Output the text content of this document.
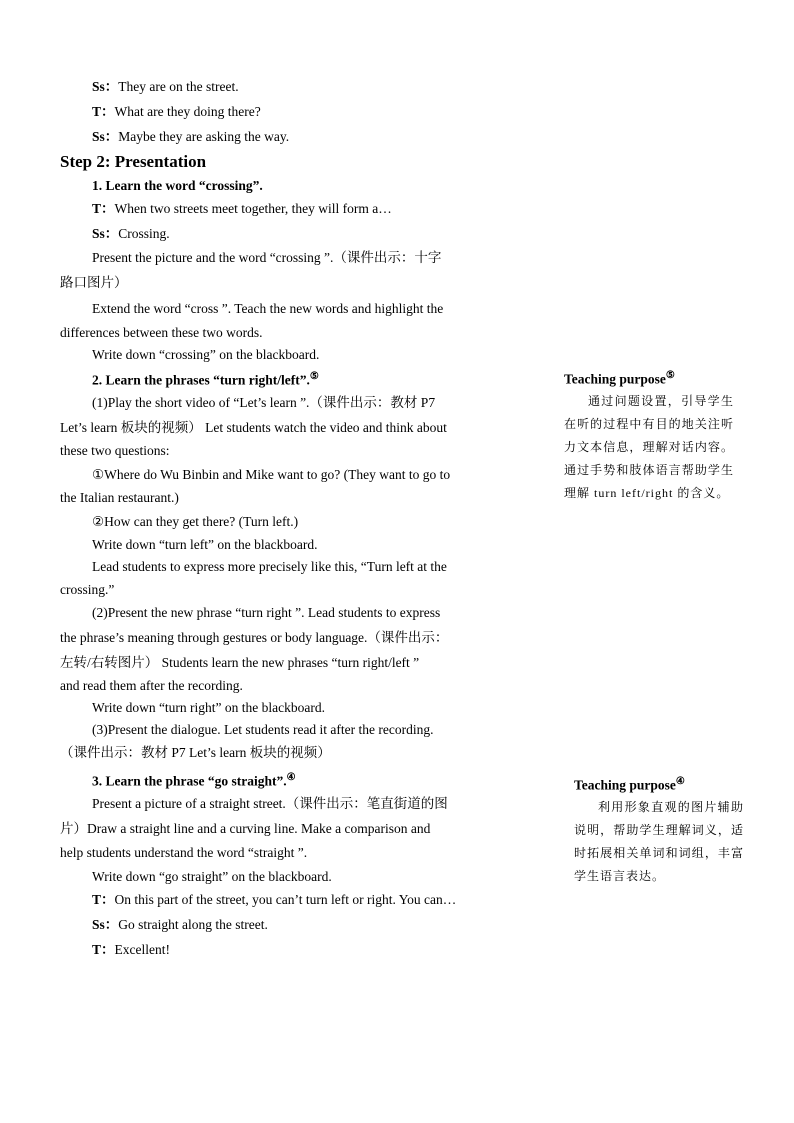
Ss：They are on the street.
T：What are they doing there?
Ss：Maybe they are asking the way.
Step 2: Presentation
1. Learn the word “crossing”.
T：When two streets meet together, they will form a…
Ss：Crossing.
Present the picture and the word “crossing ”.（课件出示：十字
路口图片）
Extend the word “cross ”. Teach the new words and highlight the
differences between these two words.
Write down “crossing” on the blackboard.
2. Learn the phrases “turn right/left”.⑤
(1)Play the short video of “Let’s learn ”.（课件出示：教材 P7
Let’s learn 板块的视频） Let students watch the video and think about
these two questions:
①Where do Wu Binbin and Mike want to go? (They want to go to
the Italian restaurant.)
②How can they get there? (Turn left.)
Write down “turn left” on the blackboard.
Lead students to express more precisely like this, “Turn left at the
crossing.”
(2)Present the new phrase “turn right ”. Lead students to express
the phrase’s meaning through gestures or body language.（课件出示：
左转/右转图片） Students learn the new phrases “turn right/left ”
and read them after the recording.
Write down “turn right” on the blackboard.
(3)Present the dialogue. Let students read it after the recording.
（课件出示：教材 P7 Let’s learn 板块的视频）
3. Learn the phrase “go straight”.④
Present a picture of a straight street.（课件出示：笔直街道的图
片）Draw a straight line and a curving line. Make a comparison and
help students understand the word “straight ”.
Write down “go straight” on the blackboard.
T：On this part of the street, you can’t turn left or right. You can…
Ss：Go straight along the street.
T：Excellent!
Teaching purpose⑤
通过问题设置，引导学生在听的过程中有目的地关注听力文本信息，理解对话内容。通过手势和肢体语言帮助学生理解 turn left/right 的含义。
Teaching purpose④
利用形象直观的图片辅助说明，帮助学生理解词义，适时拓展相关单词和词组，丰富学生语言表达。
